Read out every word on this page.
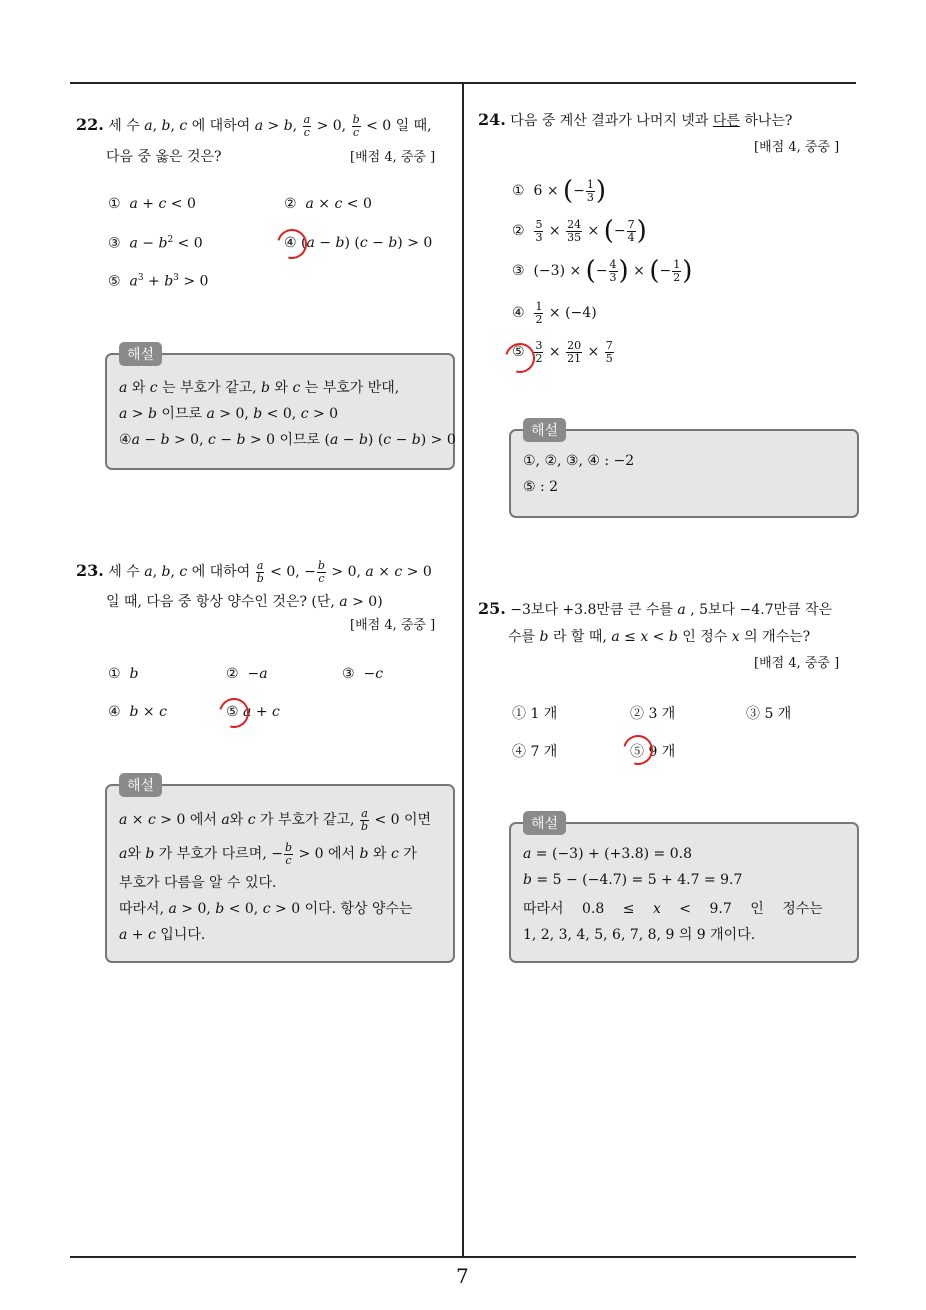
7
22. 세 수 a, b, c 에 대하여 a > b, $\frac{a}{c} > 0$, $\frac{b}{c} < 0$ 일 때,
다음 중 옳은 것은?	[배점 4, 중중 ]
① a + c < 0	② a × c < 0
③ $a - b^2 < 0$	④ (a − b) (c − b) > 0
⑤ $a^3 + b^3 > 0$
해설
a 와 c 는 부호가 같고, b 와 c 는 부호가 반대,
a > b 이므로 a > 0, b < 0, c > 0
④a − b > 0, c − b > 0 이므로 (a − b) (c − b) > 0
23. 세 수 a, b, c 에 대하여 $\frac{a}{b} < 0$, − $\frac{b}{c} > 0$, a × c > 0
일 때, 다음 중 항상 양수인 것은? (단, a > 0)
[배점 4, 중중 ]
① b	②  −a	③  −c
④ b × c	⑤ a + c
해설
a × c > 0 에서 a와 c 가 부호가 같고, $\frac{a}{b} < 0$ 이면
a와 b 가 부호가 다르며, − $\frac{b}{c} > 0$ 에서 b 와 c 가
부호가 다름을 알 수 있다.
따라서, a > 0, b < 0, c > 0 이다. 항상 양수는
a + c 입니다.
24. 다음 중 계산 결과가 나머지 넷과 다른 하나는?
[배점 4, 중중 ]
①  6 × (− $\frac{1}{3}$ )
② $\frac{5}{3} \times \frac{24}{35}$ × (− $\frac{7}{4}$ )
③  (−3) × (− $\frac{4}{3}$ ) × (− $\frac{1}{2}$ )
④ $\frac{1}{2} \times (-4)$
⑤ $\frac{3}{2} \times \frac{20}{21} \times \frac{7}{5}$
해설
①, ②, ③, ④ : −2
⑤ : 2
25. −3보다 +3.8만큼 큰 수를 a , 5보다 −4.7만큼 작은
수를 b 라 할 때, a ≤ x < b 인 정수 x 의 개수는?
[배점 4, 중중 ]
① 1 개	② 3 개	③ 5 개
④ 7 개	⑤ 9 개
해설
a = (−3) + (+3.8) = 0.8
b = 5 − (−4.7) = 5 + 4.7 = 9.7
따라서 0.8 ≤ x < 9.7 인 정수는
1, 2, 3, 4, 5, 6, 7, 8, 9 의 9 개이다.
